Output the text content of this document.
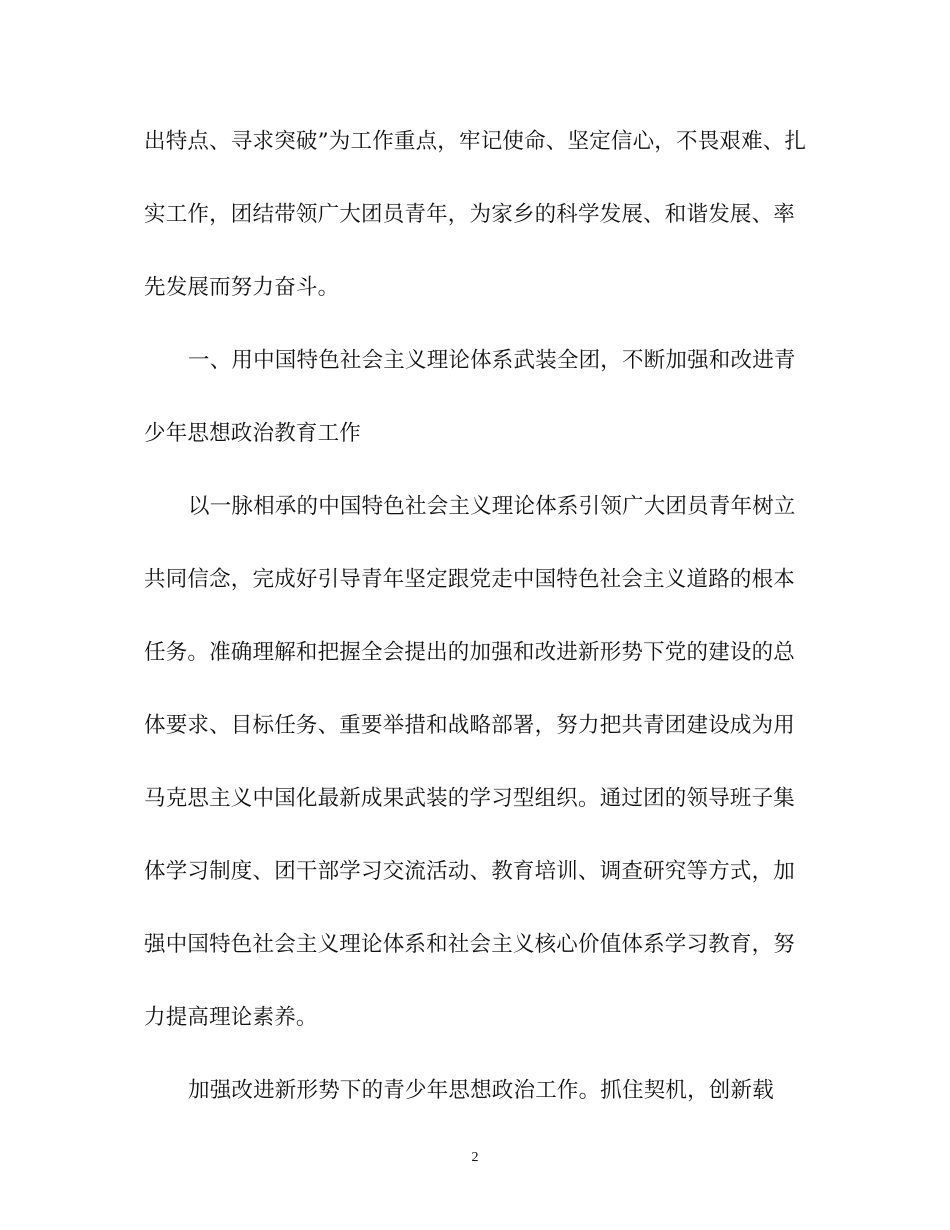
出特点、寻求突破”为工作重点，牢记使命、坚定信心，不畏艰难、扎
实工作，团结带领广大团员青年，为家乡的科学发展、和谐发展、率
先发展而努力奋斗。
一、用中国特色社会主义理论体系武装全团，不断加强和改进青
少年思想政治教育工作
以一脉相承的中国特色社会主义理论体系引领广大团员青年树立
共同信念，完成好引导青年坚定跟党走中国特色社会主义道路的根本
任务。准确理解和把握全会提出的加强和改进新形势下党的建设的总
体要求、目标任务、重要举措和战略部署，努力把共青团建设成为用
马克思主义中国化最新成果武装的学习型组织。通过团的领导班子集
体学习制度、团干部学习交流活动、教育培训、调查研究等方式，加
强中国特色社会主义理论体系和社会主义核心价值体系学习教育，努
力提高理论素养。
加强改进新形势下的青少年思想政治工作。抓住契机，创新载
2
